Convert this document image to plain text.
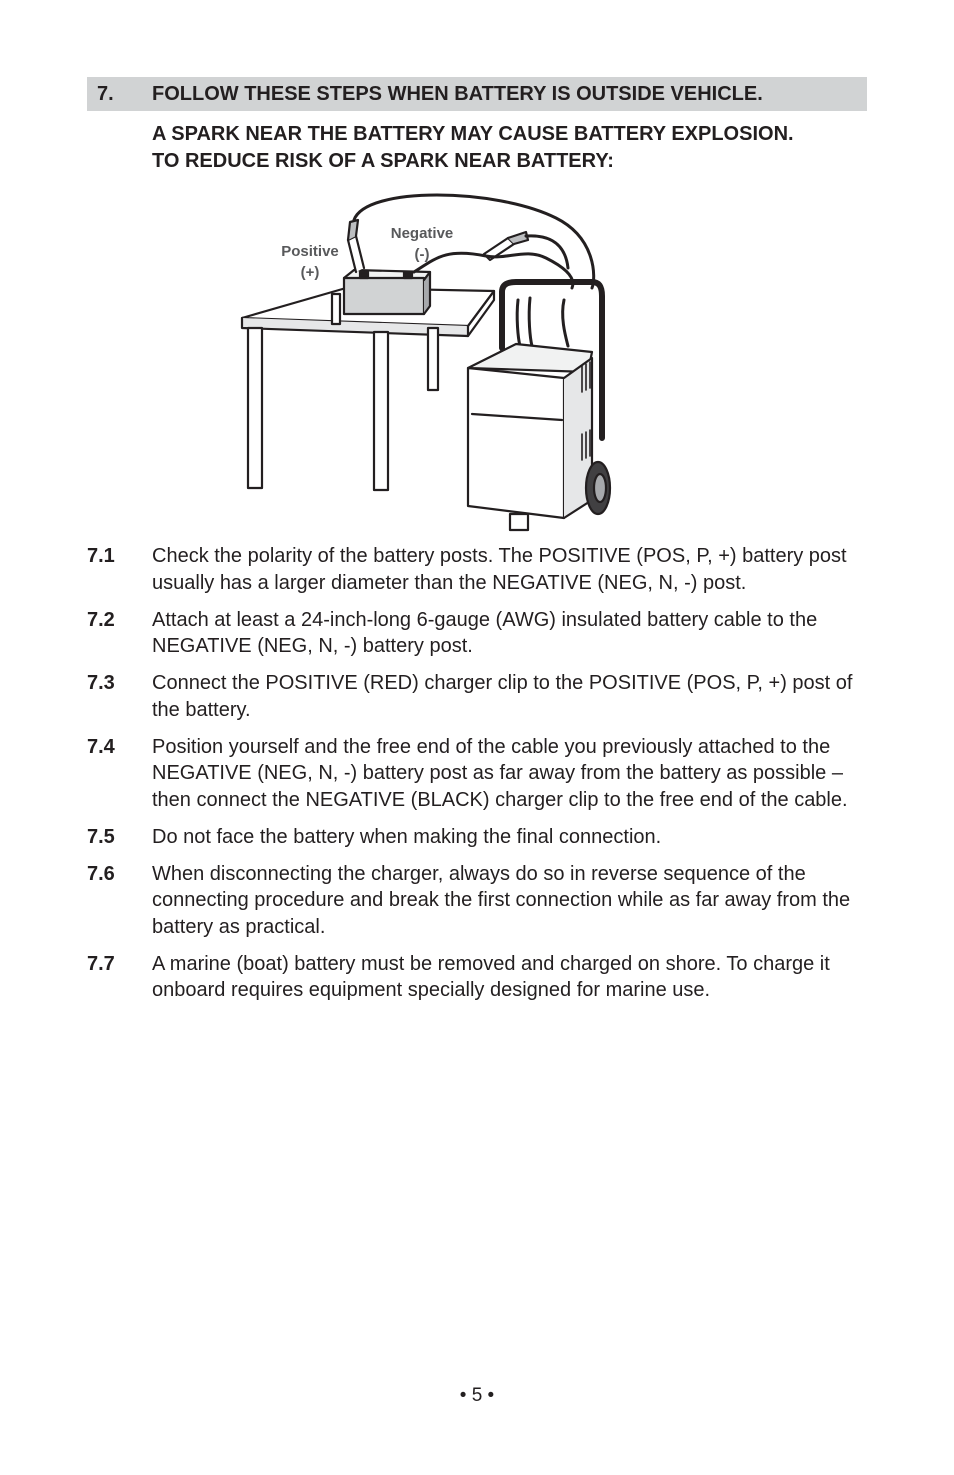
7. FOLLOW THESE STEPS WHEN BATTERY IS OUTSIDE VEHICLE.
A SPARK NEAR THE BATTERY MAY CAUSE BATTERY EXPLOSION.
TO REDUCE RISK OF A SPARK NEAR BATTERY:
Positive
(+)
Negative
(-)
7.1 Check the polarity of the battery posts. The POSITIVE (POS, P, +) battery post usually has a larger diameter than the NEGATIVE (NEG, N, -) post.
7.2 Attach at least a 24-inch-long 6-gauge (AWG) insulated battery cable to the NEGATIVE (NEG, N, -) battery post.
7.3 Connect the POSITIVE (RED) charger clip to the POSITIVE (POS, P, +) post of the battery.
7.4 Position yourself and the free end of the cable you previously attached to the NEGATIVE (NEG, N, -) battery post as far away from the battery as possible – then connect the NEGATIVE (BLACK) charger clip to the free end of the cable.
7.5 Do not face the battery when making the final connection.
7.6 When disconnecting the charger, always do so in reverse sequence of the connecting procedure and break the first connection while as far away from the battery as practical.
7.7 A marine (boat) battery must be removed and charged on shore. To charge it onboard requires equipment specially designed for marine use.
• 5 •
